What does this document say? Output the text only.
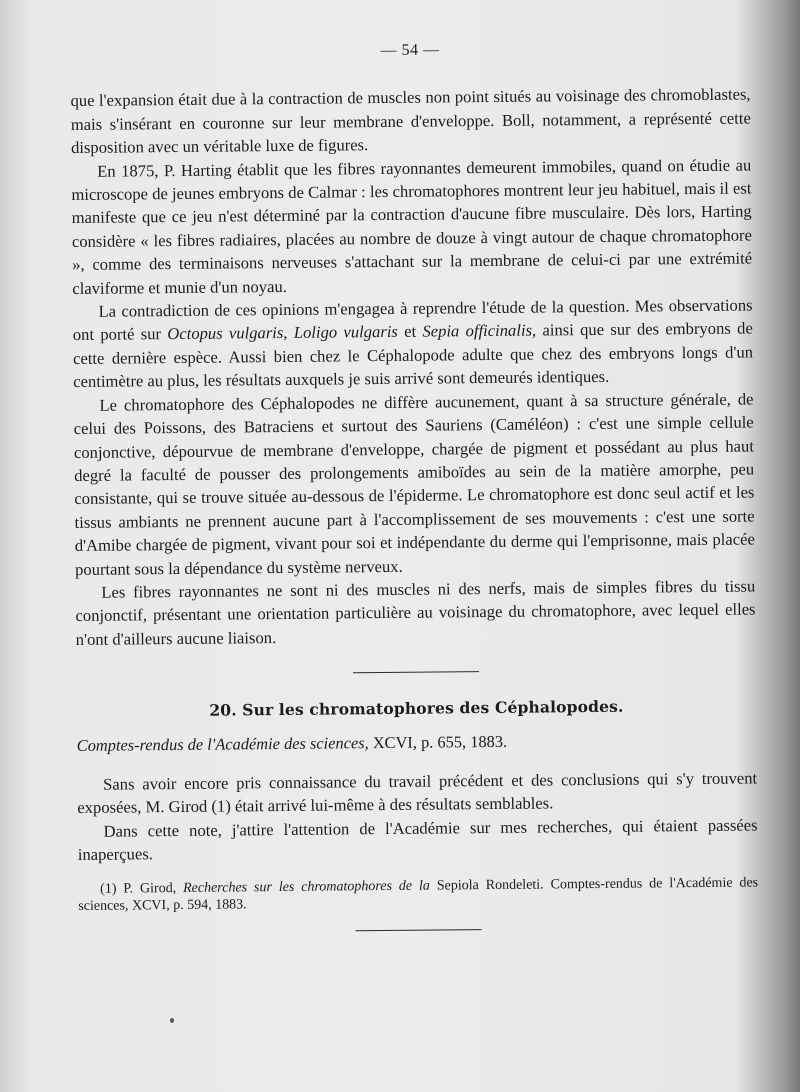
— 54 —

que l'expansion était due à la contraction de muscles non point situés au voisinage des chromoblastes, mais s'insérant en couronne sur leur membrane d'enveloppe. Boll, notamment, a représenté cette disposition avec un véritable luxe de figures.

En 1875, P. Harting établit que les fibres rayonnantes demeurent immobiles, quand on étudie au microscope de jeunes embryons de Calmar : les chromatophores montrent leur jeu habituel, mais il est manifeste que ce jeu n'est déterminé par la contraction d'aucune fibre musculaire. Dès lors, Harting considère « les fibres radiaires, placées au nombre de douze à vingt autour de chaque chromatophore », comme des terminaisons nerveuses s'attachant sur la membrane de celui-ci par une extrémité claviforme et munie d'un noyau.

La contradiction de ces opinions m'engagea à reprendre l'étude de la question. Mes observations ont porté sur Octopus vulgaris, Loligo vulgaris et Sepia officinalis, ainsi que sur des embryons de cette dernière espèce. Aussi bien chez le Céphalopode adulte que chez des embryons longs d'un centimètre au plus, les résultats auxquels je suis arrivé sont demeurés identiques.

Le chromatophore des Céphalopodes ne diffère aucunement, quant à sa structure générale, de celui des Poissons, des Batraciens et surtout des Sauriens (Caméléon) : c'est une simple cellule conjonctive, dépourvue de membrane d'enveloppe, chargée de pigment et possédant au plus haut degré la faculté de pousser des prolongements amiboïdes au sein de la matière amorphe, peu consistante, qui se trouve située au-dessous de l'épiderme. Le chromatophore est donc seul actif et les tissus ambiants ne prennent aucune part à l'accomplissement de ses mouvements : c'est une sorte d'Amibe chargée de pigment, vivant pour soi et indépendante du derme qui l'emprisonne, mais placée pourtant sous la dépendance du système nerveux.

Les fibres rayonnantes ne sont ni des muscles ni des nerfs, mais de simples fibres du tissu conjonctif, présentant une orientation particulière au voisinage du chromatophore, avec lequel elles n'ont d'ailleurs aucune liaison.

20. Sur les chromatophores des Céphalopodes.

Comptes-rendus de l'Académie des sciences, XCVI, p. 655, 1883.

Sans avoir encore pris connaissance du travail précédent et des conclusions qui s'y trouvent exposées, M. Girod (1) était arrivé lui-même à des résultats semblables.

Dans cette note, j'attire l'attention de l'Académie sur mes recherches, qui étaient passées inaperçues.

(1) P. Girod, Recherches sur les chromatophores de la Sepiola Rondeleti. Comptes-rendus de l'Académie des sciences, XCVI, p. 594, 1883.
